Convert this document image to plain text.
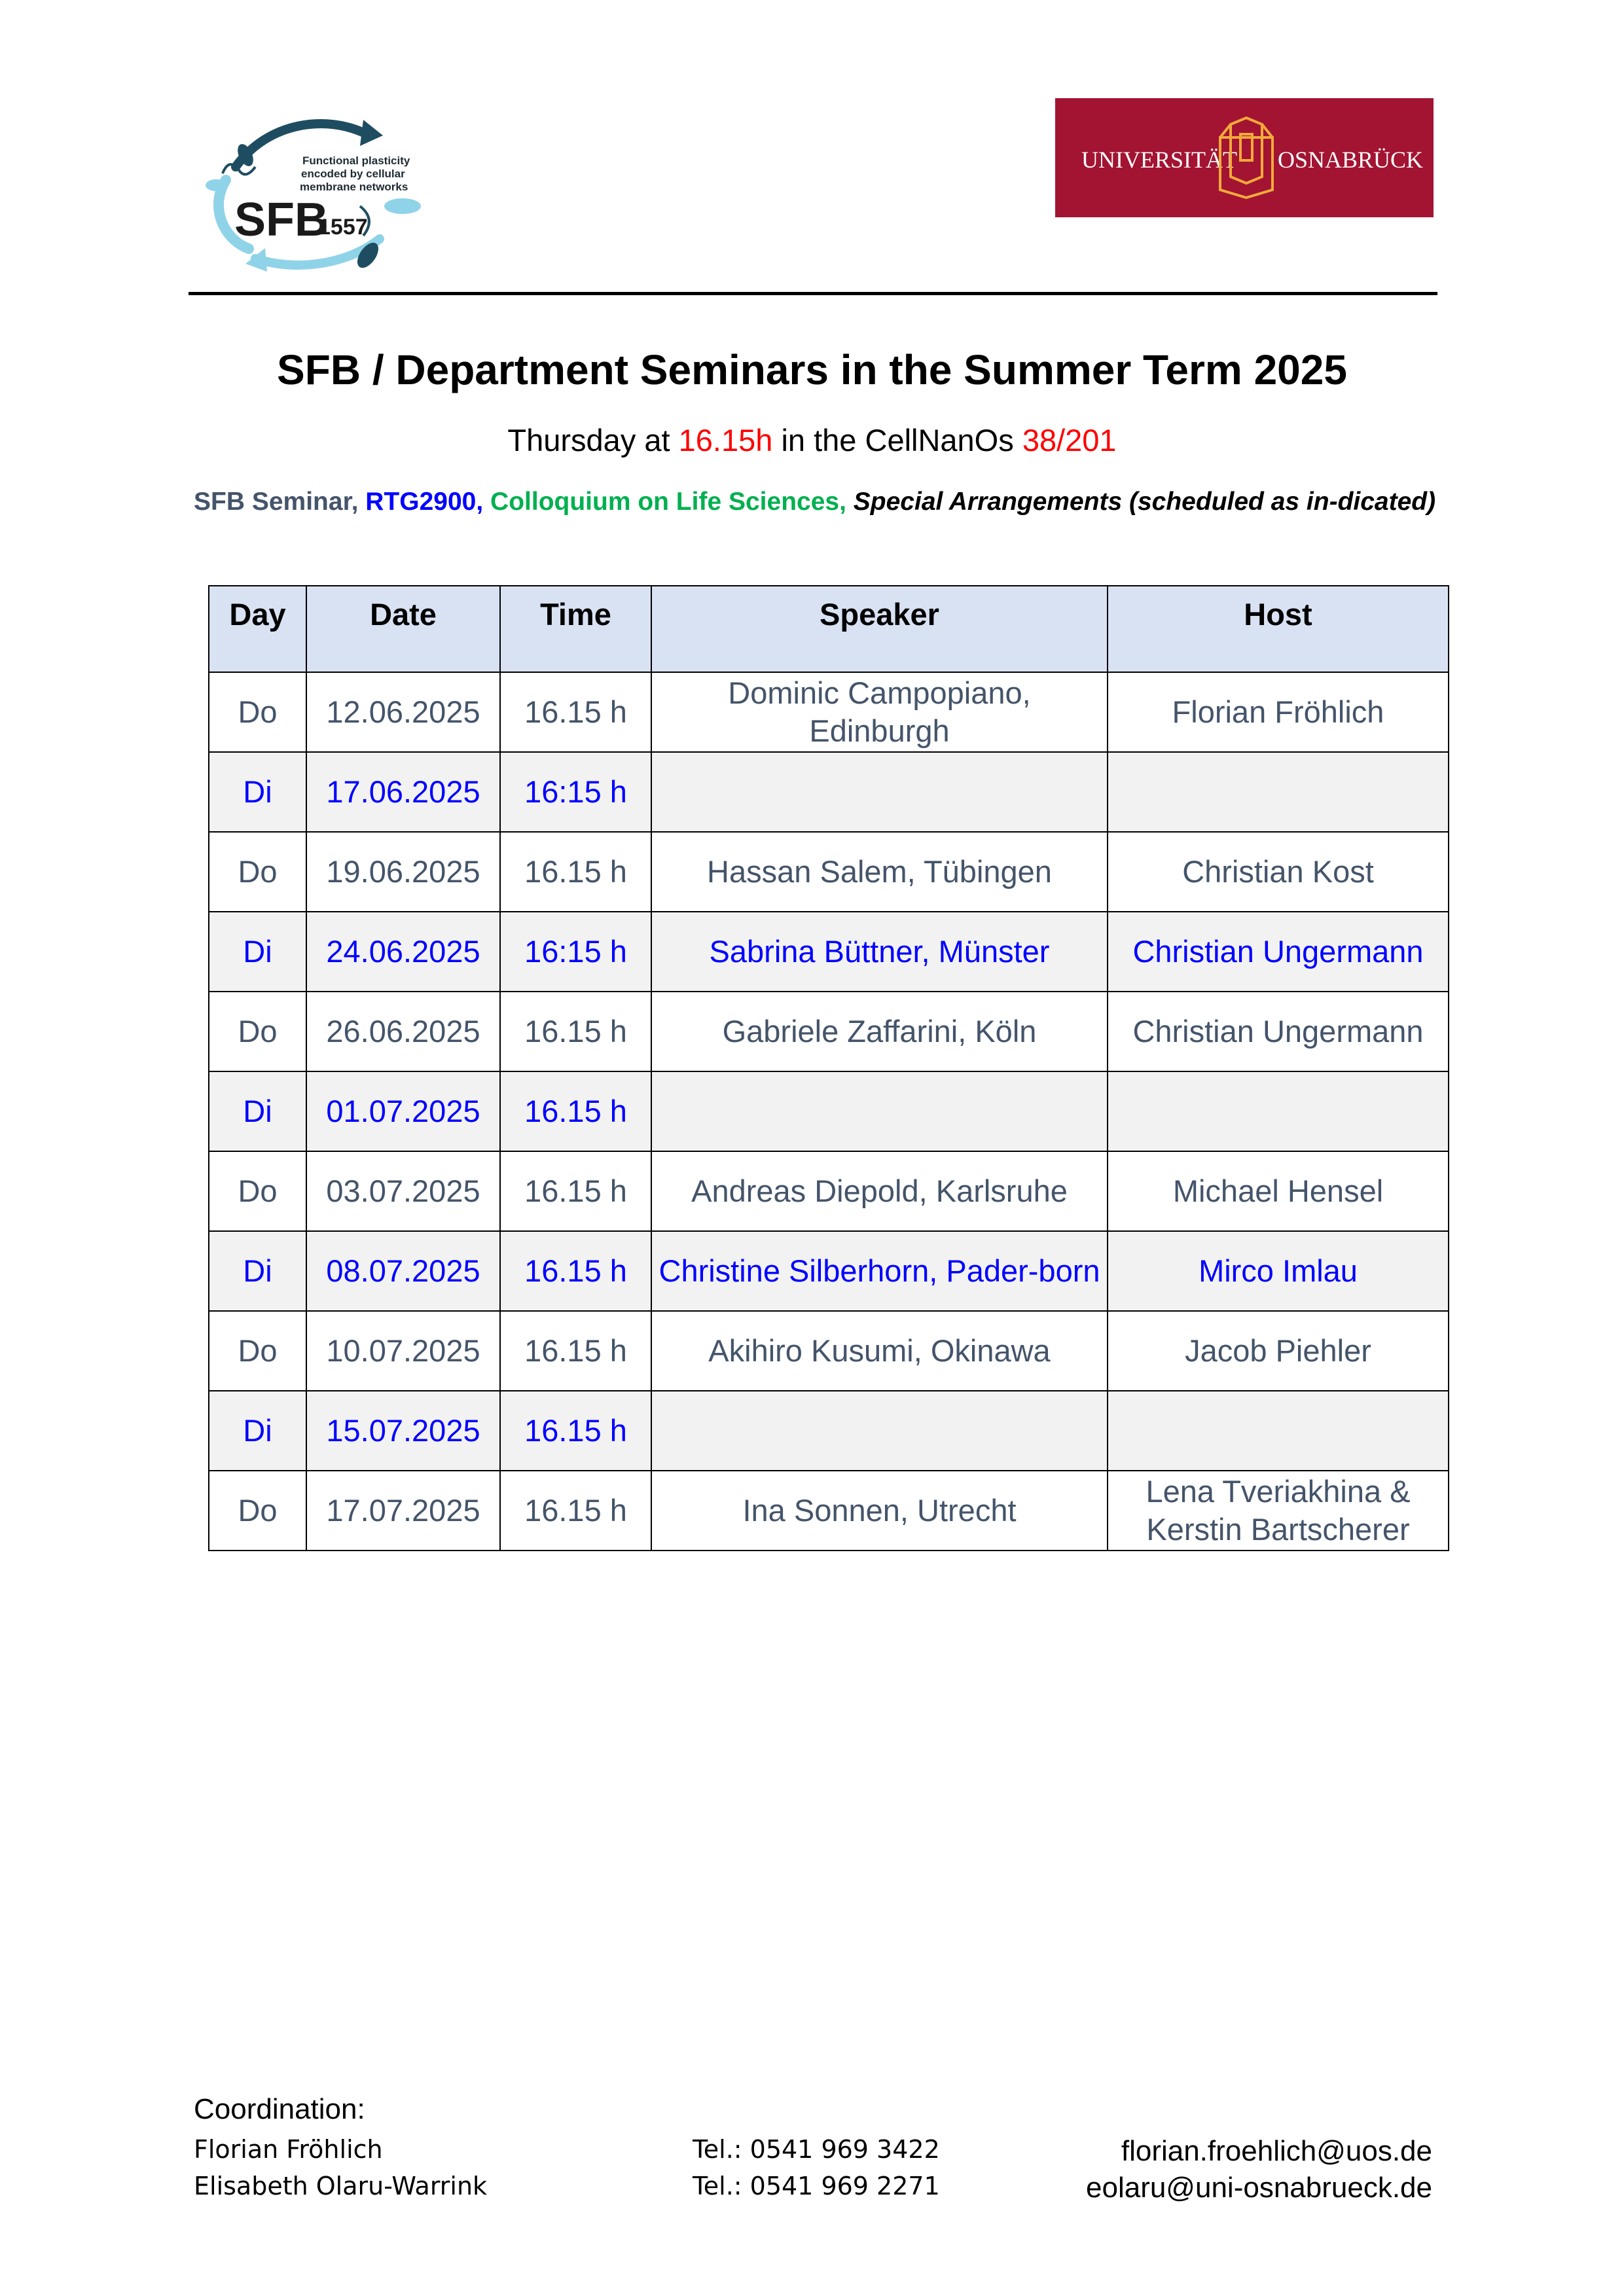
Functional plasticity
encoded by cellular
membrane networks
SFB
1557
UNIVERSITÄT OSNABRÜCK
SFB / Department Seminars in the Summer Term 2025
Thursday at 16.15h in the CellNanOs 38/201
SFB Seminar, RTG2900, Colloquium on Life Sciences, Special Arrangements (scheduled as in-dicated)
Day	Date	Time	Speaker	Host
Do	12.06.2025	16.15 h	Dominic Campopiano, Edinburgh	Florian Fröhlich
Di	17.06.2025	16:15 h		
Do	19.06.2025	16.15 h	Hassan Salem, Tübingen	Christian Kost
Di	24.06.2025	16:15 h	Sabrina Büttner, Münster	Christian Ungermann
Do	26.06.2025	16.15 h	Gabriele Zaffarini, Köln	Christian Ungermann
Di	01.07.2025	16.15 h		
Do	03.07.2025	16.15 h	Andreas Diepold, Karlsruhe	Michael Hensel
Di	08.07.2025	16.15 h	Christine Silberhorn, Pader-born	Mirco Imlau
Do	10.07.2025	16.15 h	Akihiro Kusumi, Okinawa	Jacob Piehler
Di	15.07.2025	16.15 h		
Do	17.07.2025	16.15 h	Ina Sonnen, Utrecht	Lena Tveriakhina & Kerstin Bartscherer
Coordination:
Florian Fröhlich	Tel.: 0541 969 3422	florian.froehlich@uos.de
Elisabeth Olaru-Warrink	Tel.: 0541 969 2271	eolaru@uni-osnabrueck.de
